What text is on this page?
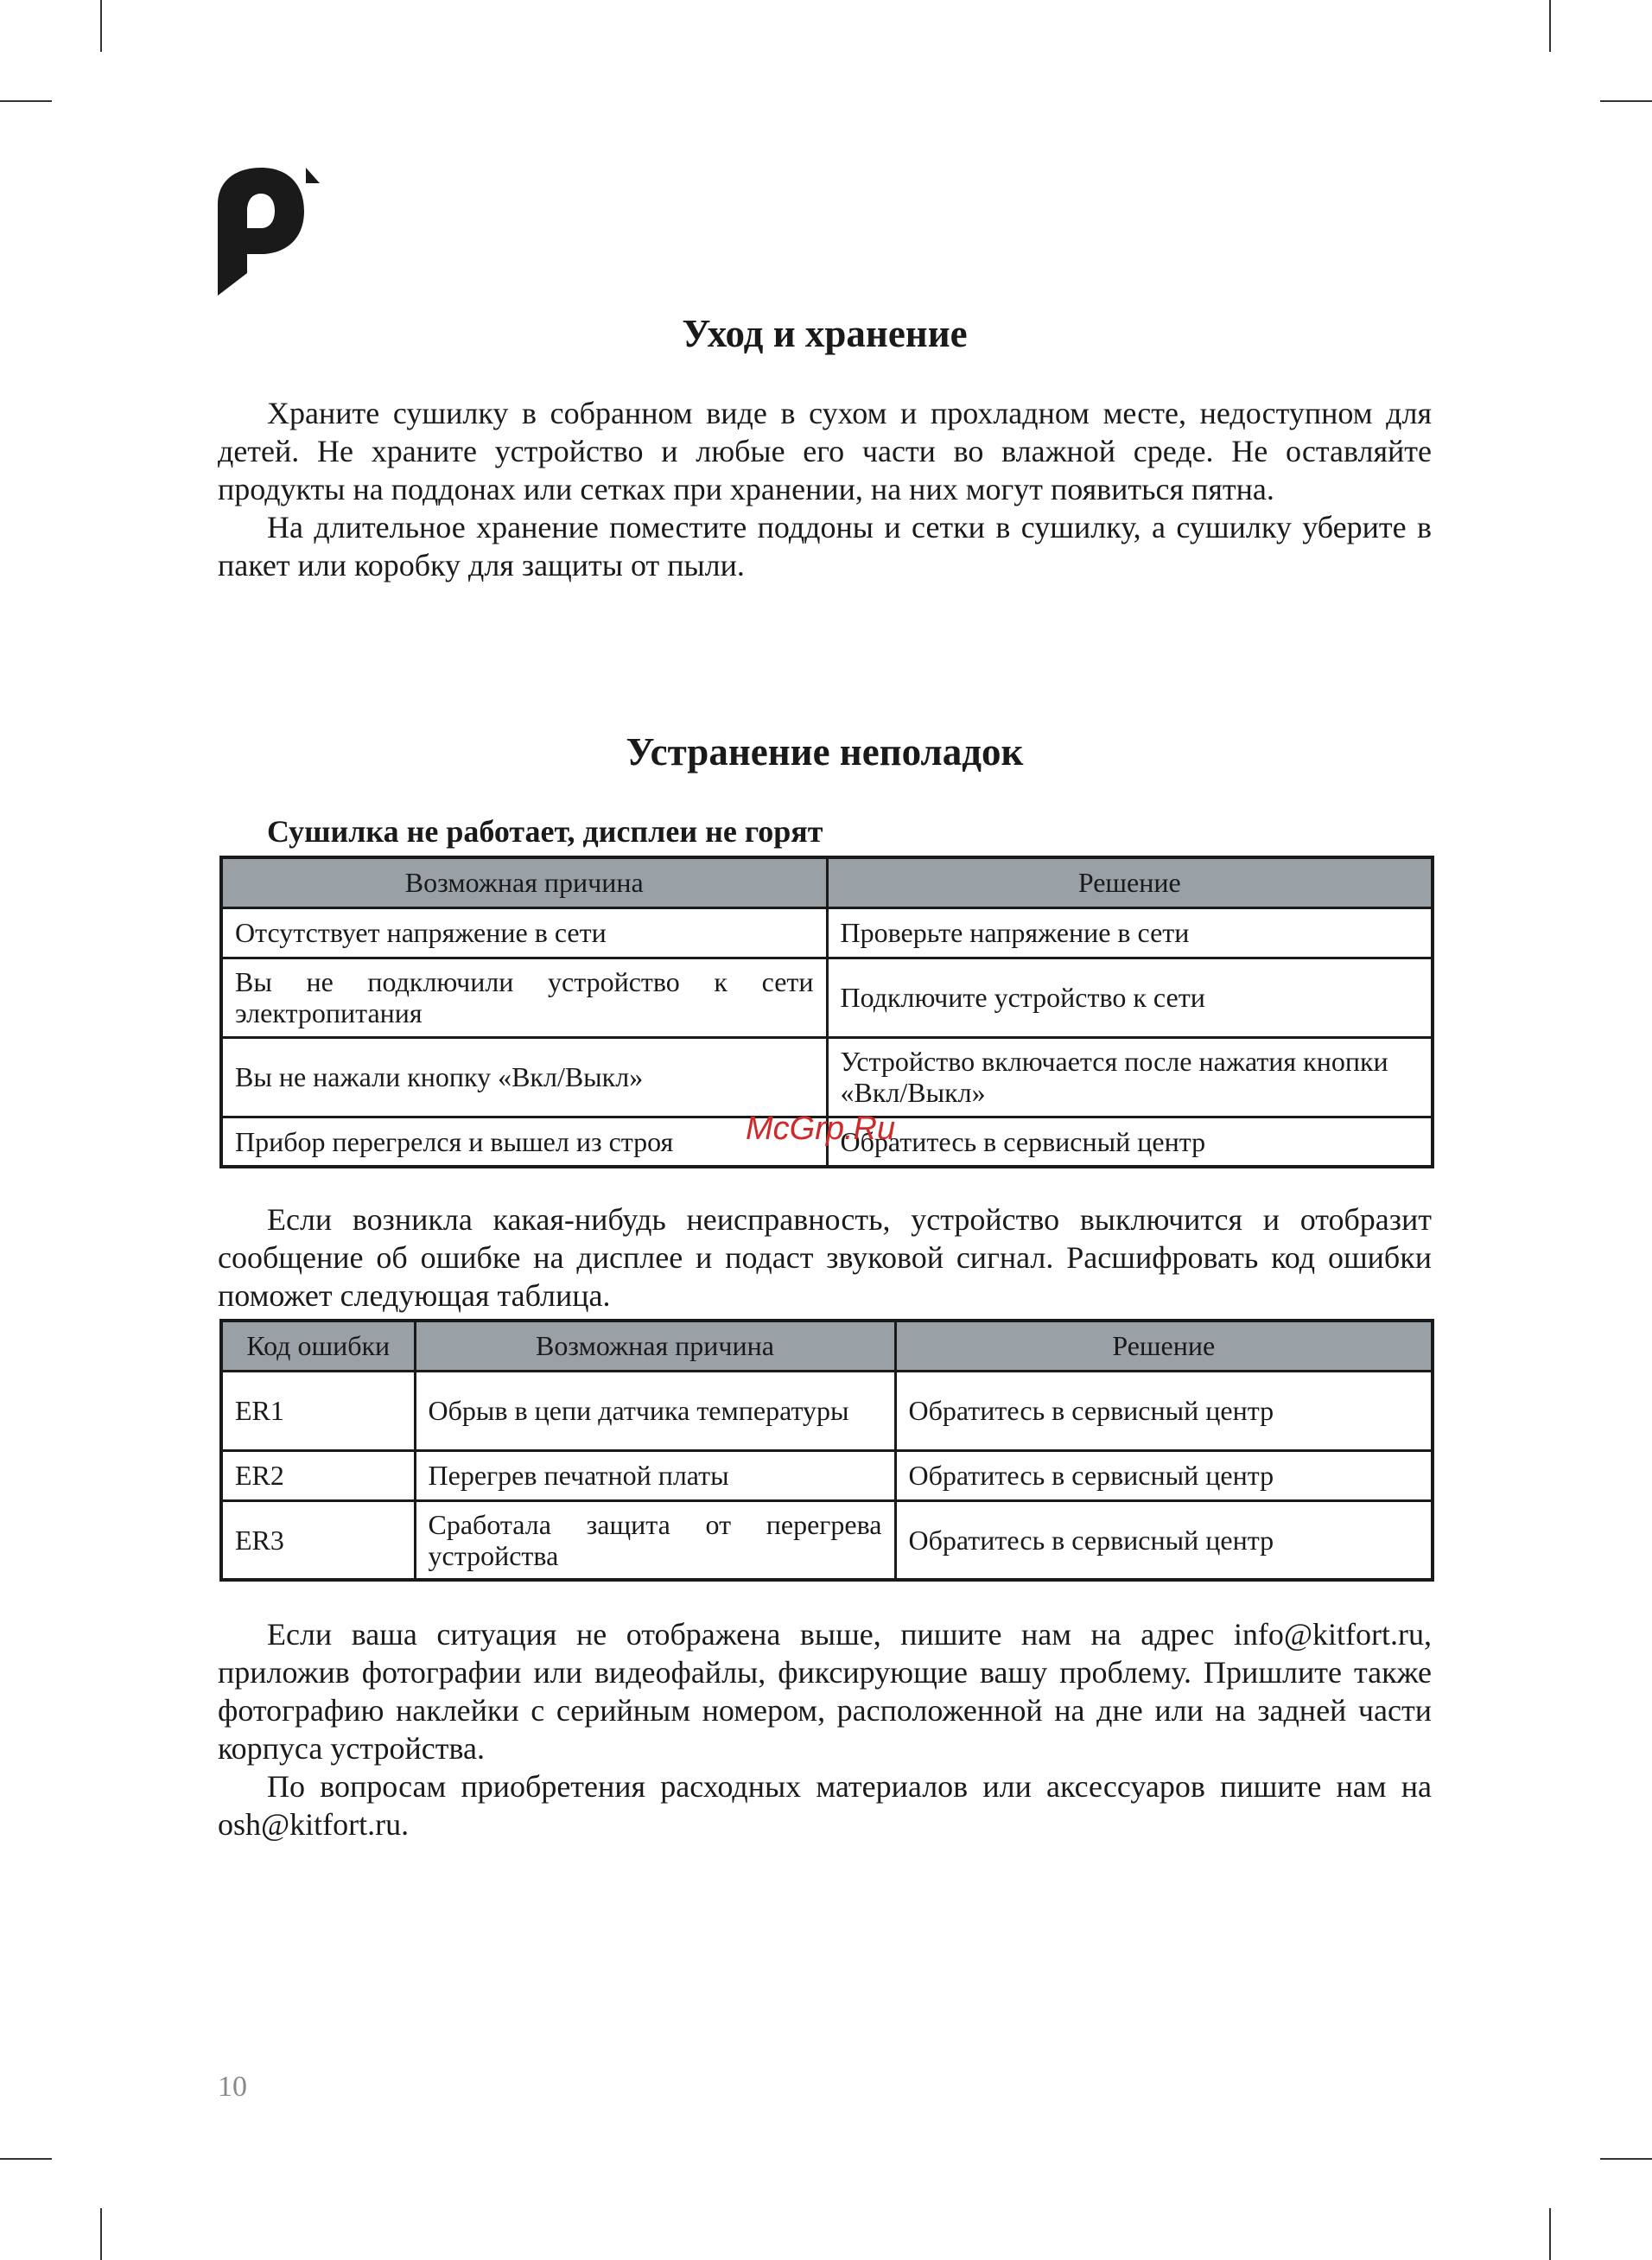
Уход и хранение

Храните сушилку в собранном виде в сухом и прохладном месте, недоступном для детей. Не храните устройство и любые его части во влажной среде. Не оставляйте продукты на поддонах или сетках при хранении, на них могут появиться пятна.

На длительное хранение поместите поддоны и сетки в сушилку, а сушилку уберите в пакет или коробку для защиты от пыли.

Устранение неполадок
Сушилка не работает, дисплеи не горят
Возможная причина	Решение
Отсутствует напряжение в сети	Проверьте напряжение в сети
Вы не подключили устройство к сети электропитания	Подключите устройство к сети
Вы не нажали кнопку «Вкл/Выкл»	Устройство включается после нажатия кнопки «Вкл/Выкл»
Прибор перегрелся и вышел из строя	Обратитесь в сервисный центр

Если возникла какая-нибудь неисправность, устройство выключится и отобразит сообщение об ошибке на дисплее и подаст звуковой сигнал. Расшифровать код ошибки поможет следующая таблица.

Код ошибки	Возможная причина	Решение
ER1	Обрыв в цепи датчика температуры	Обратитесь в сервисный центр
ER2	Перегрев печатной платы	Обратитесь в сервисный центр
ER3	Сработала защита от перегрева устройства	Обратитесь в сервисный центр

Если ваша ситуация не отображена выше, пишите нам на адрес info@kitfort.ru, приложив фотографии или видеофайлы, фиксирующие вашу проблему. Пришлите также фотографию наклейки с серийным номером, расположенной на дне или на задней части корпуса устройства.

По вопросам приобретения расходных материалов или аксессуаров пишите нам на osh@kitfort.ru.

McGrp.Ru
10
